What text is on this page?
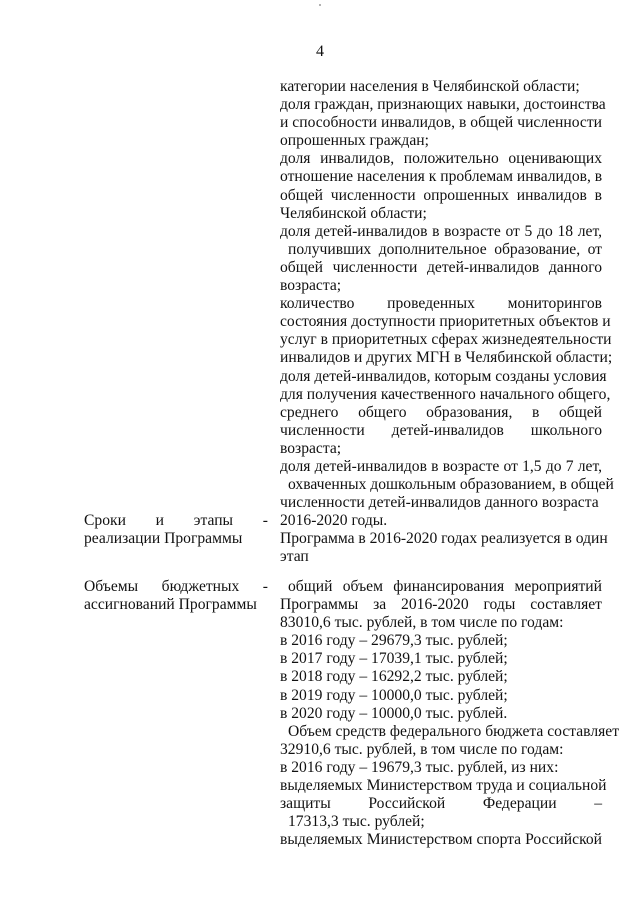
4
категории населения в Челябинской области;
доля граждан, признающих навыки, достоинства
и способности инвалидов, в общей численности
опрошенных граждан;
доля инвалидов, положительно оценивающих
отношение населения к проблемам инвалидов, в
общей численности опрошенных инвалидов в
Челябинской области;
доля детей-инвалидов в возрасте от 5 до 18 лет,
получивших дополнительное образование, от
общей численности детей-инвалидов данного
возраста;
количество проведенных мониторингов
состояния доступности приоритетных объектов и
услуг в приоритетных сферах жизнедеятельности
инвалидов и других МГН в Челябинской области;
доля детей-инвалидов, которым созданы условия
для получения качественного начального общего,
среднего общего образования, в общей
численности детей-инвалидов школьного
возраста;
доля детей-инвалидов в возрасте от 1,5 до 7 лет,
охваченных дошкольным образованием, в общей
численности детей-инвалидов данного возраста
Сроки и этапы -
реализации Программы
2016-2020 годы.
Программа в 2016-2020 годах реализуется в один
этап
Объемы бюджетных -
ассигнований Программы
общий объем финансирования мероприятий
Программы за 2016-2020 годы составляет
83010,6 тыс. рублей, в том числе по годам:
в 2016 году – 29679,3 тыс. рублей;
в 2017 году – 17039,1 тыс. рублей;
в 2018 году – 16292,2 тыс. рублей;
в 2019 году – 10000,0 тыс. рублей;
в 2020 году – 10000,0 тыс. рублей.
Объем средств федерального бюджета составляет
32910,6 тыс. рублей, в том числе по годам:
в 2016 году – 19679,3 тыс. рублей, из них:
выделяемых Министерством труда и социальной
защиты Российской Федерации –
17313,3 тыс. рублей;
выделяемых Министерством спорта Российской
